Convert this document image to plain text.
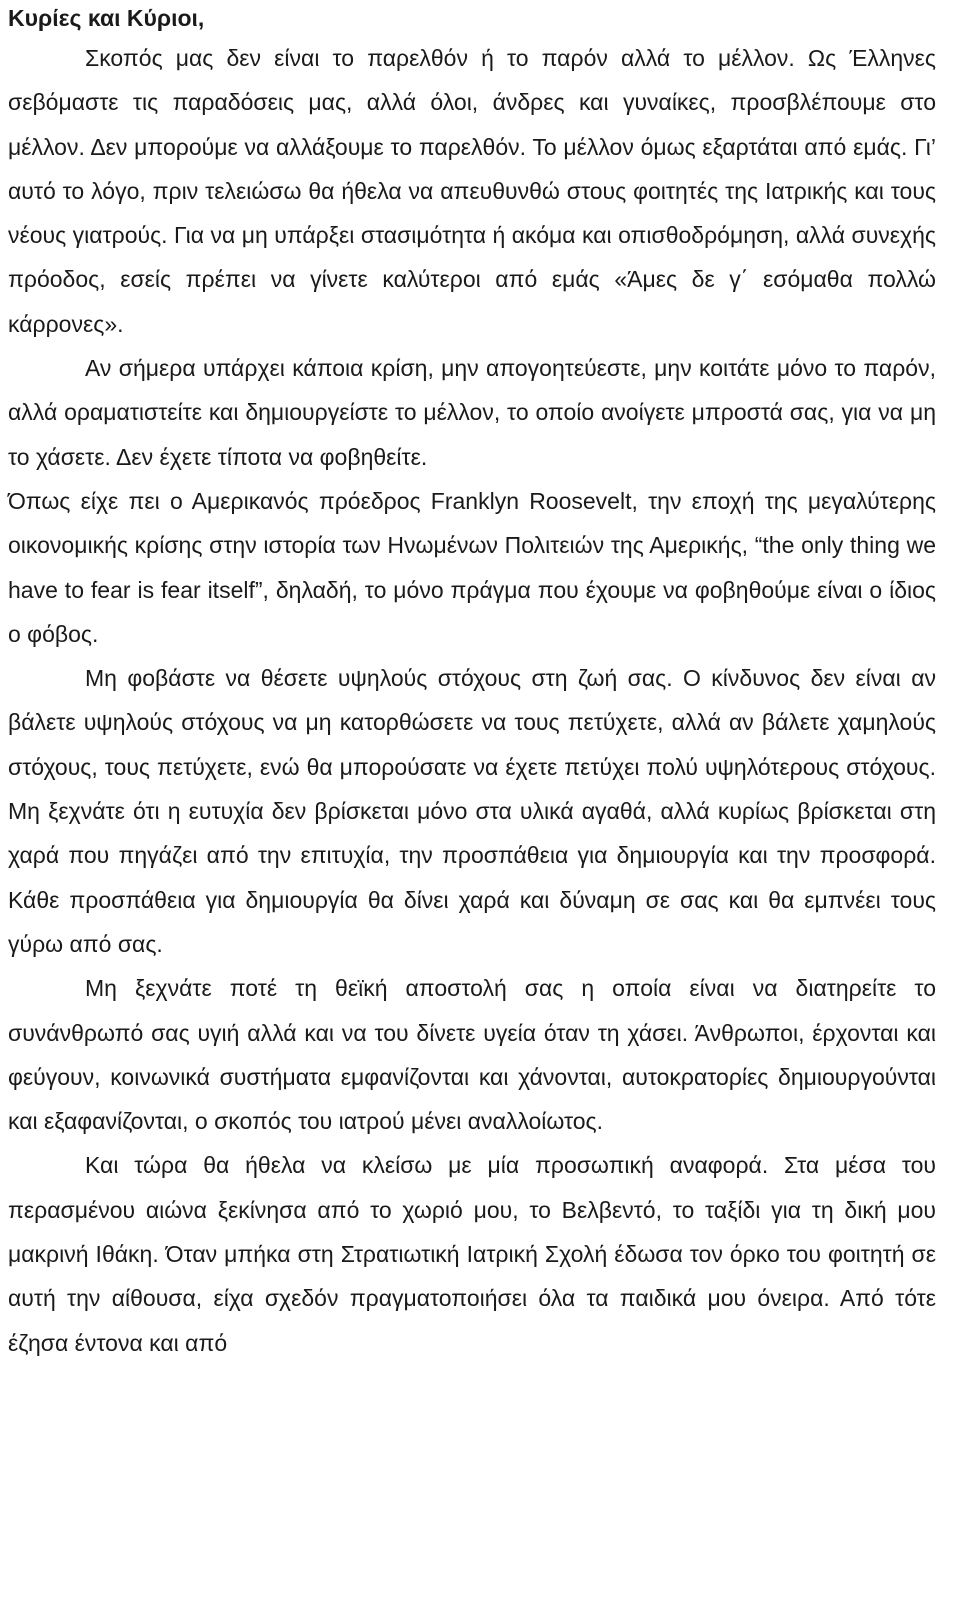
Κυρίες και Κύριοι,

Σκοπός μας δεν είναι το παρελθόν ή το παρόν αλλά το μέλλον. Ως Έλληνες σεβόμαστε τις παραδόσεις μας, αλλά όλοι, άνδρες και γυναίκες, προσβλέπουμε στο μέλλον. Δεν μπορούμε να αλλάξουμε το παρελθόν. Το μέλλον όμως εξαρτάται από εμάς. Γι’ αυτό το λόγο, πριν τελειώσω θα ήθελα να απευθυνθώ στους φοιτητές της Ιατρικής και τους νέους γιατρούς. Για να μη υπάρξει στασιμότητα ή ακόμα και οπισθοδρόμηση, αλλά συνεχής πρόοδος, εσείς πρέπει να γίνετε καλύτεροι από εμάς «Άμες δε γ΄ εσόμαθα πολλώ κάρρονες».

Αν σήμερα υπάρχει κάποια κρίση, μην απογοητεύεστε, μην κοιτάτε μόνο το παρόν, αλλά οραματιστείτε και δημιουργείστε το μέλλον, το οποίο ανοίγετε μπροστά σας, για να μη το χάσετε. Δεν έχετε τίποτα να φοβηθείτε.

Όπως είχε πει ο Αμερικανός πρόεδρος Franklyn Roosevelt, την εποχή της μεγαλύτερης οικονομικής κρίσης στην ιστορία των Ηνωμένων Πολιτειών της Αμερικής, “the only thing we have to fear is fear itself”, δηλαδή, το μόνο πράγμα που έχουμε να φοβηθούμε είναι ο ίδιος ο φόβος.

Μη φοβάστε να θέσετε υψηλούς στόχους στη ζωή σας. Ο κίνδυνος δεν είναι αν βάλετε υψηλούς στόχους να μη κατορθώσετε να τους πετύχετε, αλλά αν βάλετε χαμηλούς στόχους, τους πετύχετε, ενώ θα μπορούσατε να έχετε πετύχει πολύ υψηλότερους στόχους. Μη ξεχνάτε ότι η ευτυχία δεν βρίσκεται μόνο στα υλικά αγαθά, αλλά κυρίως βρίσκεται στη χαρά που πηγάζει από την επιτυχία, την προσπάθεια για δημιουργία και την προσφορά. Κάθε προσπάθεια για δημιουργία θα δίνει χαρά και δύναμη σε σας και θα εμπνέει τους γύρω από σας.

Μη ξεχνάτε ποτέ τη θεϊκή αποστολή σας η οποία είναι να διατηρείτε το συνάνθρωπό σας υγιή αλλά και να του δίνετε υγεία όταν τη χάσει. Άνθρωποι, έρχονται και φεύγουν, κοινωνικά συστήματα εμφανίζονται και χάνονται, αυτοκρατορίες δημιουργούνται και εξαφανίζονται, ο σκοπός του ιατρού μένει αναλλοίωτος.

Και τώρα θα ήθελα να κλείσω με μία προσωπική αναφορά. Στα μέσα του περασμένου αιώνα ξεκίνησα από το χωριό μου, το Βελβεντό, το ταξίδι για τη δική μου μακρινή Ιθάκη. Όταν μπήκα στη Στρατιωτική Ιατρική Σχολή έδωσα τον όρκο του φοιτητή σε αυτή την αίθουσα, είχα σχεδόν πραγματοποιήσει όλα τα παιδικά μου όνειρα. Από τότε έζησα έντονα και από
